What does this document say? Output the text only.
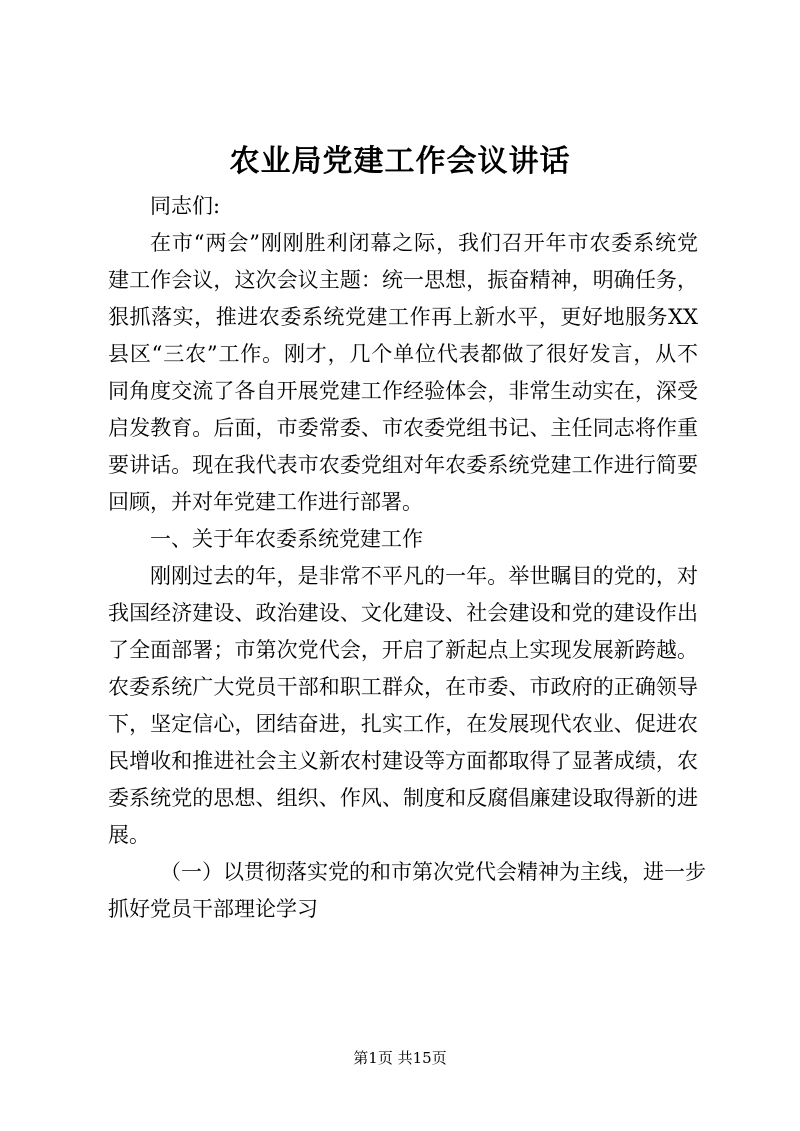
农业局党建工作会议讲话
同志们:
在市“两会”刚刚胜利闭幕之际，我们召开年市农委系统党
建工作会议，这次会议主题：统一思想，振奋精神，明确任务，
狠抓落实，推进农委系统党建工作再上新水平，更好地服务XX
县区“三农”工作。刚才，几个单位代表都做了很好发言，从不
同角度交流了各自开展党建工作经验体会，非常生动实在，深受
启发教育。后面，市委常委、市农委党组书记、主任同志将作重
要讲话。现在我代表市农委党组对年农委系统党建工作进行简要
回顾，并对年党建工作进行部署。
一、关于年农委系统党建工作
刚刚过去的年，是非常不平凡的一年。举世瞩目的党的，对
我国经济建设、政治建设、文化建设、社会建设和党的建设作出
了全面部署；市第次党代会，开启了新起点上实现发展新跨越。
农委系统广大党员干部和职工群众，在市委、市政府的正确领导
下，坚定信心，团结奋进，扎实工作，在发展现代农业、促进农
民增收和推进社会主义新农村建设等方面都取得了显著成绩，农
委系统党的思想、组织、作风、制度和反腐倡廉建设取得新的进
展。
（一）以贯彻落实党的和市第次党代会精神为主线，进一步
抓好党员干部理论学习
第1页 共15页
